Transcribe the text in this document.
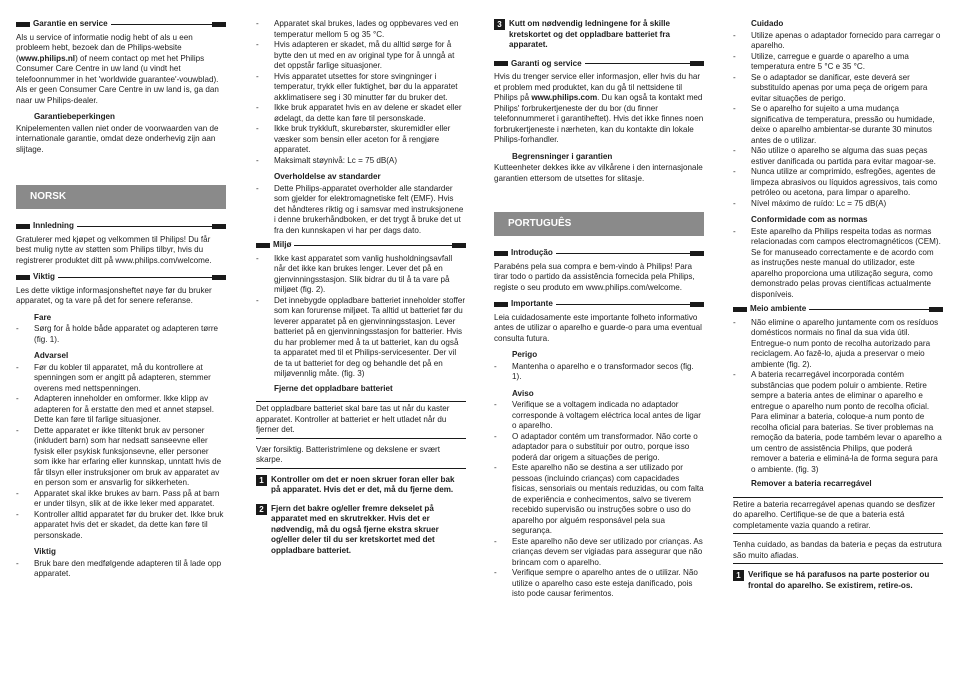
Garantie en service

Als u service of informatie nodig hebt of als u een probleem hebt, bezoek dan de Philips-website (www.philips.nl) of neem contact op met het Philips Consumer Care Centre in uw land (u vindt het telefoonnummer in het 'worldwide guarantee'-vouwblad). Als er geen Consumer Care Centre in uw land is, ga dan naar uw Philips-dealer.

Garantiebeperkingen

Knipelementen vallen niet onder de voorwaarden van de internationale garantie, omdat deze onderhevig zijn aan slijtage.

NORSK
Innledning

Gratulerer med kjøpet og velkommen til Philips! Du får best mulig nytte av støtten som Philips tilbyr, hvis du registrerer produktet ditt på www.philips.com/welcome.

Viktig

Les dette viktige informasjonsheftet nøye før du bruker apparatet, og ta vare på det for senere referanse.

Fare
- Sørg for å holde både apparatet og adapteren tørre (fig. 1).
Advarsel
- Før du kobler til apparatet, må du kontrollere at spenningen som er angitt på adapteren, stemmer overens med nettspenningen.
- Adapteren inneholder en omformer. Ikke klipp av adapteren for å erstatte den med et annet støpsel. Dette kan føre til farlige situasjoner.
- Dette apparatet er ikke tiltenkt bruk av personer (inkludert barn) som har nedsatt sanseevne eller fysisk eller psykisk funksjonsevne, eller personer som ikke har erfaring eller kunnskap, unntatt hvis de får tilsyn eller instruksjoner om bruk av apparatet av en person som er ansvarlig for sikkerheten.
- Apparatet skal ikke brukes av barn. Pass på at barn er under tilsyn, slik at de ikke leker med apparatet.
- Kontroller alltid apparatet før du bruker det. Ikke bruk apparatet hvis det er skadet, da dette kan føre til personskade.
Viktig
- Bruk bare den medfølgende adapteren til å lade opp apparatet.
- Apparatet skal brukes, lades og oppbevares ved en temperatur mellom 5 og 35 °C.
- Hvis adapteren er skadet, må du alltid sørge for å bytte den ut med en av original type for å unngå at det oppstår farlige situasjoner.
- Hvis apparatet utsettes for store svingninger i temperatur, trykk eller fuktighet, bør du la apparatet akklimatisere seg i 30 minutter før du bruker det.
- Ikke bruk apparatet hvis en av delene er skadet eller ødelagt, da dette kan føre til personskade.
- Ikke bruk trykkluft, skurebørster, skuremidler eller væsker som bensin eller aceton for å rengjøre apparatet.
- Maksimalt støynivå: Lc = 75 dB(A)
Overholdelse av standarder
- Dette Philips-apparatet overholder alle standarder som gjelder for elektromagnetiske felt (EMF). Hvis det håndteres riktig og i samsvar med instruksjonene i denne brukerhåndboken, er det trygt å bruke det ut fra den kunnskapen vi har per dags dato.
Miljø
- Ikke kast apparatet som vanlig husholdningsavfall når det ikke kan brukes lenger. Lever det på en gjenvinningsstasjon. Slik bidrar du til å ta vare på miljøet (fig. 2).
- Det innebygde oppladbare batteriet inneholder stoffer som kan forurense miljøet. Ta alltid ut batteriet før du leverer apparatet på en gjenvinningsstasjon. Lever batteriet på en gjenvinningsstasjon for batterier. Hvis du har problemer med å ta ut batteriet, kan du også ta apparatet med til et Philips-servicesenter. Der vil de ta ut batteriet for deg og behandle det på en miljøvennlig måte. (fig. 3)
Fjerne det oppladbare batteriet
Det oppladbare batteriet skal bare tas ut når du kaster apparatet. Kontroller at batteriet er helt utladet når du fjerner det.
Vær forsiktig. Batteristrimlene og dekslene er svært skarpe.
1 Kontroller om det er noen skruer foran eller bak på apparatet. Hvis det er det, må du fjerne dem.
2 Fjern det bakre og/eller fremre dekselet på apparatet med en skrutrekker. Hvis det er nødvendig, må du også fjerne ekstra skruer og/eller deler til du ser kretskortet med det oppladbare batteriet.
3 Kutt om nødvendig ledningene for å skille kretskortet og det oppladbare batteriet fra apparatet.
Garanti og service

Hvis du trenger service eller informasjon, eller hvis du har et problem med produktet, kan du gå til nettsidene til Philips på www.philips.com. Du kan også ta kontakt med Philips' forbrukertjeneste der du bor (du finner telefonnummeret i garantiheftet). Hvis det ikke finnes noen forbrukertjeneste i nærheten, kan du kontakte din lokale Philips-forhandler.

Begrensninger i garantien

Kutteenheter dekkes ikke av vilkårene i den internasjonale garantien ettersom de utsettes for slitasje.

PORTUGUÊS
Introdução

Parabéns pela sua compra e bem-vindo à Philips! Para tirar todo o partido da assistência fornecida pela Philips, registe o seu produto em www.philips.com/welcome.

Importante

Leia cuidadosamente este importante folheto informativo antes de utilizar o aparelho e guarde-o para uma eventual consulta futura.

Perigo
- Mantenha o aparelho e o transformador secos (fig. 1).
Aviso
- Verifique se a voltagem indicada no adaptador corresponde à voltagem eléctrica local antes de ligar o aparelho.
- O adaptador contém um transformador. Não corte o adaptador para o substituir por outro, porque isso poderá dar origem a situações de perigo.
- Este aparelho não se destina a ser utilizado por pessoas (incluindo crianças) com capacidades físicas, sensoriais ou mentais reduzidas, ou com falta de experiência e conhecimentos, salvo se tiverem recebido supervisão ou instruções sobre o uso do aparelho por alguém responsável pela sua segurança.
- Este aparelho não deve ser utilizado por crianças. As crianças devem ser vigiadas para assegurar que não brincam com o aparelho.
- Verifique sempre o aparelho antes de o utilizar. Não utilize o aparelho caso este esteja danificado, pois isto pode causar ferimentos.
Cuidado
- Utilize apenas o adaptador fornecido para carregar o aparelho.
- Utilize, carregue e guarde o aparelho a uma temperatura entre 5 °C e 35 °C.
- Se o adaptador se danificar, este deverá ser substituído apenas por uma peça de origem para evitar situações de perigo.
- Se o aparelho for sujeito a uma mudança significativa de temperatura, pressão ou humidade, deixe o aparelho ambientar-se durante 30 minutos antes de o utilizar.
- Não utilize o aparelho se alguma das suas peças estiver danificada ou partida para evitar magoar-se.
- Nunca utilize ar comprimido, esfregões, agentes de limpeza abrasivos ou líquidos agressivos, tais como petróleo ou acetona, para limpar o aparelho.
- Nível máximo de ruído: Lc = 75 dB(A)
Conformidade com as normas
- Este aparelho da Philips respeita todas as normas relacionadas com campos electromagnéticos (CEM). Se for manuseado correctamente e de acordo com as instruções neste manual do utilizador, este aparelho proporciona uma utilização segura, como demonstrado pelas provas científicas actualmente disponíveis.
Meio ambiente
- Não elimine o aparelho juntamente com os resíduos domésticos normais no final da sua vida útil. Entregue-o num ponto de recolha autorizado para reciclagem. Ao fazê-lo, ajuda a preservar o meio ambiente (fig. 2).
- A bateria recarregável incorporada contém substâncias que podem poluir o ambiente. Retire sempre a bateria antes de eliminar o aparelho e entregue o aparelho num ponto de recolha oficial. Para eliminar a bateria, coloque-a num ponto de recolha oficial para baterias. Se tiver problemas na remoção da bateria, pode também levar o aparelho a um centro de assistência Philips, que poderá remover a bateria e eliminá-la de forma segura para o ambiente. (fig. 3)
Remover a bateria recarregável
Retire a bateria recarregável apenas quando se desfizer do aparelho. Certifique-se de que a bateria está completamente vazia quando a retirar.
Tenha cuidado, as bandas da bateria e peças da estrutura são muito afiadas.
1 Verifique se há parafusos na parte posterior ou frontal do aparelho. Se existirem, retire-os.
